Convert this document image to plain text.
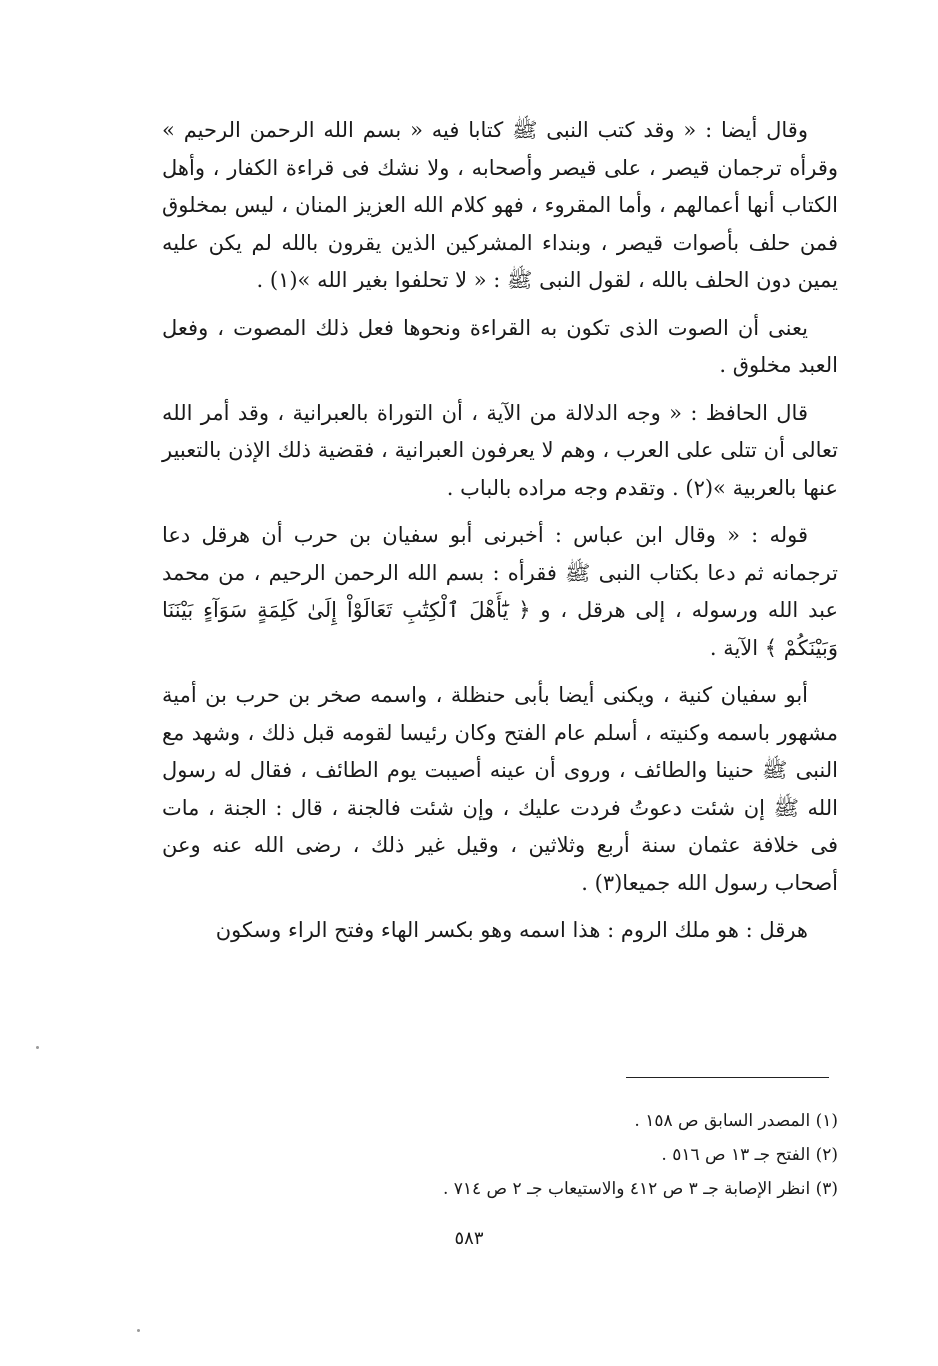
وقال أيضا : « وقد كتب النبى ﷺ كتابا فيه « بسم الله الرحمن الرحيم » وقرأه ترجمان قيصر ، على قيصر وأصحابه ، ولا نشك فى قراءة الكفار ، وأهل الكتاب أنها أعمالهم ، وأما المقروء ، فهو كلام الله العزيز المنان ، ليس بمخلوق فمن حلف بأصوات قيصر ، وبنداء المشركين الذين يقرون بالله لم يكن عليه يمين دون الحلف بالله ، لقول النبى ﷺ : « لا تحلفوا بغير الله »(١) .

يعنى أن الصوت الذى تكون به القراءة ونحوها فعل ذلك المصوت ، وفعل العبد مخلوق .

قال الحافظ : « وجه الدلالة من الآية ، أن التوراة بالعبرانية ، وقد أمر الله تعالى أن تتلى على العرب ، وهم لا يعرفون العبرانية ، فقضية ذلك الإذن بالتعبير عنها بالعربية »(٢) . وتقدم وجه مراده بالباب .

قوله : « وقال ابن عباس : أخبرنى أبو سفيان بن حرب أن هرقل دعا ترجمانه ثم دعا بكتاب النبى ﷺ فقرأه : بسم الله الرحمن الرحيم ، من محمد عبد الله ورسوله ، إلى هرقل ، و ﴿ يَٰٓأَهْلَ ٱلْكِتَٰبِ تَعَالَوْاْ إِلَىٰ كَلِمَةٍ سَوَآءٍ بَيْنَنَا وَبَيْنَكُمْ ﴾ الآية .

أبو سفيان كنية ، ويكنى أيضا بأبى حنظلة ، واسمه صخر بن حرب بن أمية مشهور باسمه وكنيته ، أسلم عام الفتح وكان رئيسا لقومه قبل ذلك ، وشهد مع النبى ﷺ حنينا والطائف ، وروى أن عينه أصيبت يوم الطائف ، فقال له رسول الله ﷺ إن شئت دعوتُ فردت عليك ، وإن شئت فالجنة ، قال : الجنة ، مات فى خلافة عثمان سنة أربع وثلاثين ، وقيل غير ذلك ، رضى الله عنه وعن أصحاب رسول الله جميعا(٣) .

هرقل : هو ملك الروم : هذا اسمه وهو بكسر الهاء وفتح الراء وسكون

(١) المصدر السابق ص ١٥٨ .
(٢) الفتح جـ ١٣ ص ٥١٦ .
(٣) انظر الإصابة جـ ٣ ص ٤١٢ والاستيعاب جـ ٢ ص ٧١٤ .
٥٨٣
